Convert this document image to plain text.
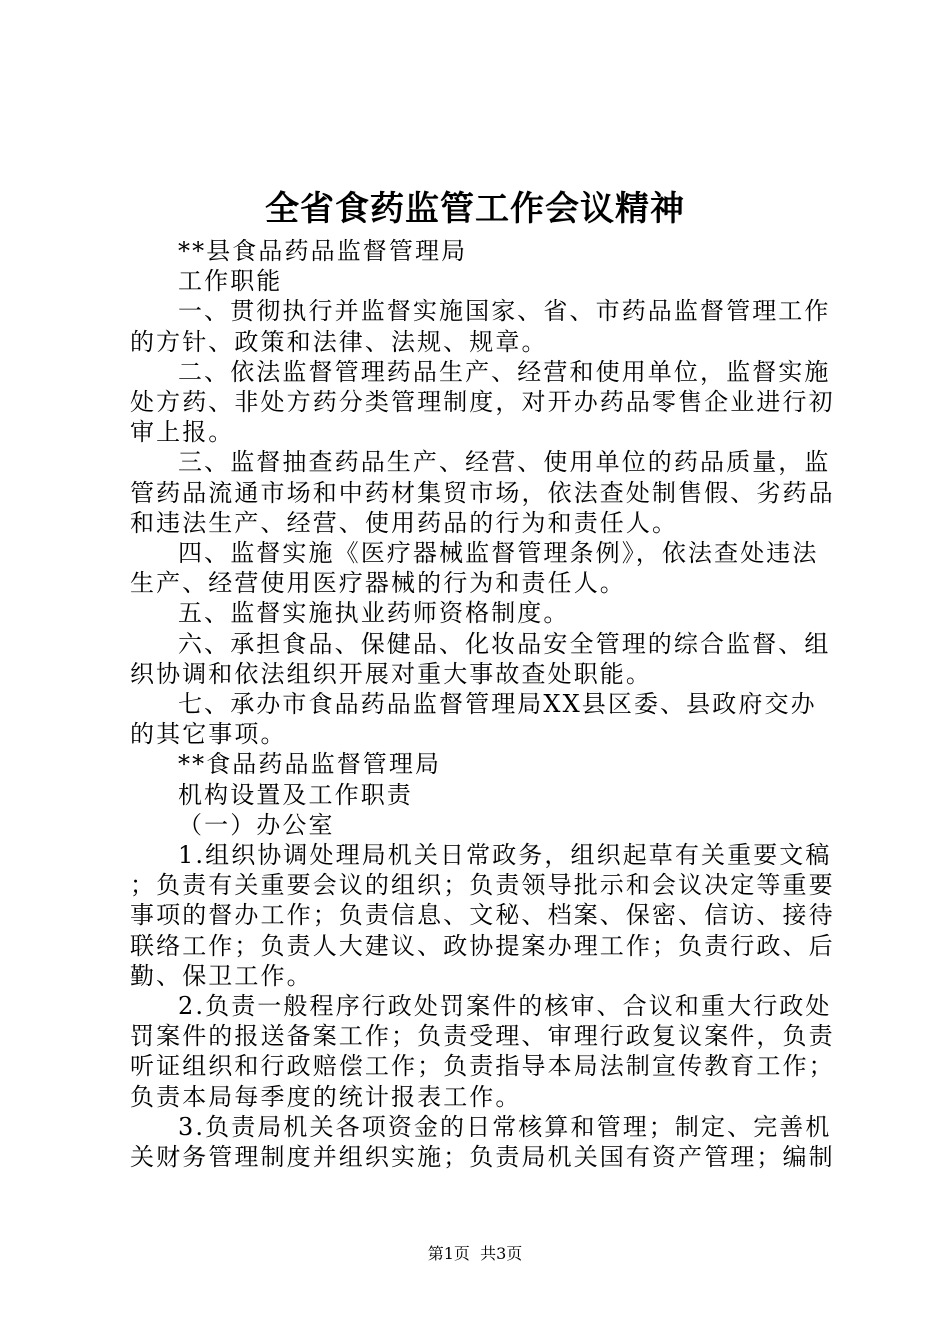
全省食药监管工作会议精神

**县食品药品监督管理局

工作职能

一、贯彻执行并监督实施国家、省、市药品监督管理工作的方针、政策和法律、法规、规章。

二、依法监督管理药品生产、经营和使用单位，监督实施处方药、非处方药分类管理制度，对开办药品零售企业进行初审上报。

三、监督抽查药品生产、经营、使用单位的药品质量，监管药品流通市场和中药材集贸市场，依法查处制售假、劣药品和违法生产、经营、使用药品的行为和责任人。

四、监督实施《医疗器械监督管理条例》，依法查处违法生产、经营使用医疗器械的行为和责任人。

五、监督实施执业药师资格制度。

六、承担食品、保健品、化妆品安全管理的综合监督、组织协调和依法组织开展对重大事故查处职能。

七、承办市食品药品监督管理局XX县区委、县政府交办的其它事项。

**食品药品监督管理局

机构设置及工作职责

（一）办公室

1.组织协调处理局机关日常政务，组织起草有关重要文稿；负责有关重要会议的组织；负责领导批示和会议决定等重要事项的督办工作；负责信息、文秘、档案、保密、信访、接待联络工作；负责人大建议、政协提案办理工作；负责行政、后勤、保卫工作。

2.负责一般程序行政处罚案件的核审、合议和重大行政处罚案件的报送备案工作；负责受理、审理行政复议案件，负责听证组织和行政赔偿工作；负责指导本局法制宣传教育工作；负责本局每季度的统计报表工作。

3.负责局机关各项资金的日常核算和管理；制定、完善机关财务管理制度并组织实施；负责局机关国有资产管理；编制

第1页  共3页
